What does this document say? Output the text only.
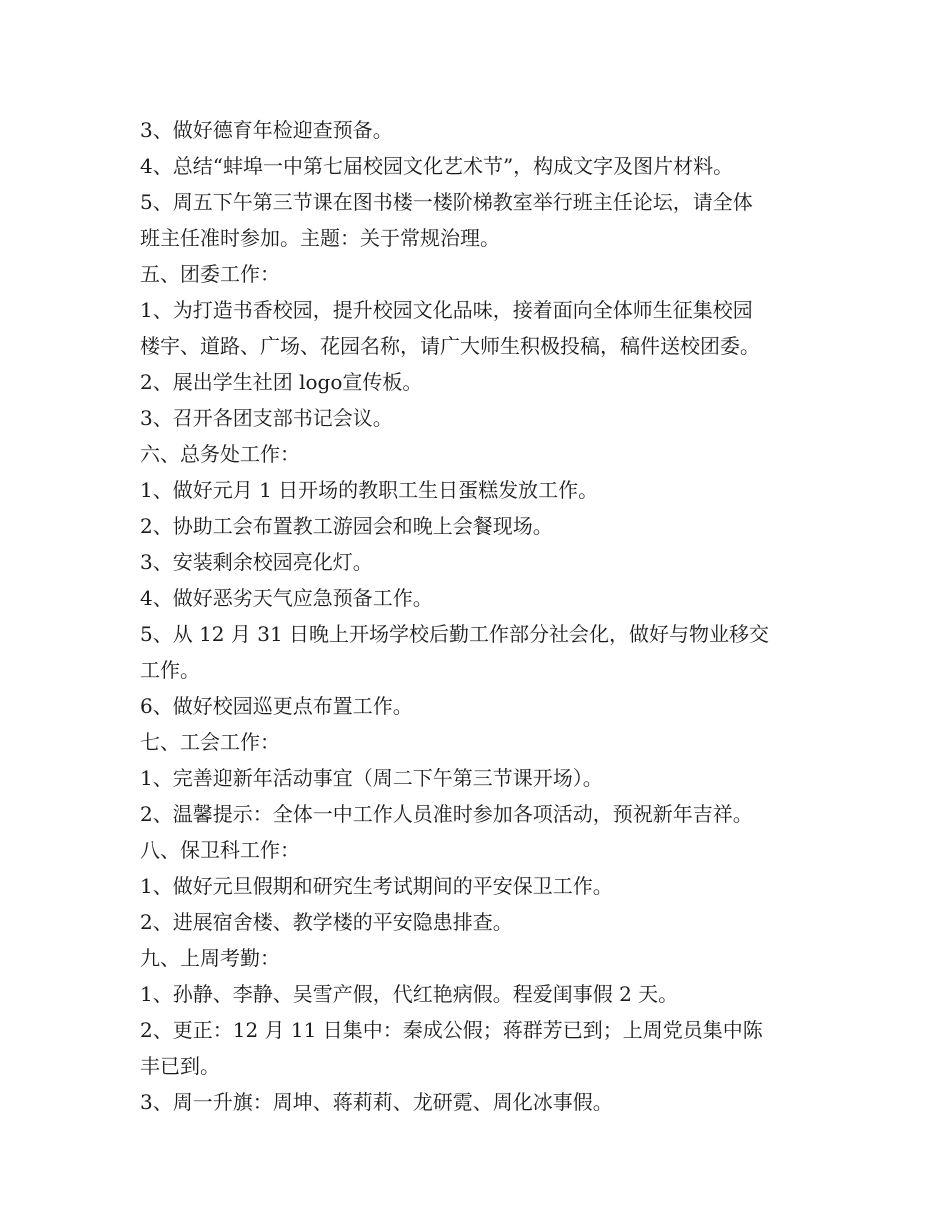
3、做好德育年检迎查预备。
4、总结“蚌埠一中第七届校园文化艺术节”，构成文字及图片材料。
5、周五下午第三节课在图书楼一楼阶梯教室举行班主任论坛，请全体
班主任准时参加。主题：关于常规治理。
五、团委工作：
1、为打造书香校园，提升校园文化品味，接着面向全体师生征集校园
楼宇、道路、广场、花园名称，请广大师生积极投稿，稿件送校团委。
2、展出学生社团 logo宣传板。
3、召开各团支部书记会议。
六、总务处工作：
1、做好元月 1 日开场的教职工生日蛋糕发放工作。
2、协助工会布置教工游园会和晚上会餐现场。
3、安装剩余校园亮化灯。
4、做好恶劣天气应急预备工作。
5、从 12 月 31 日晚上开场学校后勤工作部分社会化，做好与物业移交
工作。
6、做好校园巡更点布置工作。
七、工会工作：
1、完善迎新年活动事宜（周二下午第三节课开场）。
2、温馨提示：全体一中工作人员准时参加各项活动，预祝新年吉祥。
八、保卫科工作：
1、做好元旦假期和研究生考试期间的平安保卫工作。
2、进展宿舍楼、教学楼的平安隐患排查。
九、上周考勤：
1、孙静、李静、吴雪产假，代红艳病假。程爱闺事假 2 天。
2、更正：12 月 11 日集中：秦成公假；蒋群芳已到；上周党员集中陈
丰已到。
3、周一升旗：周坤、蒋莉莉、龙研霓、周化冰事假。
